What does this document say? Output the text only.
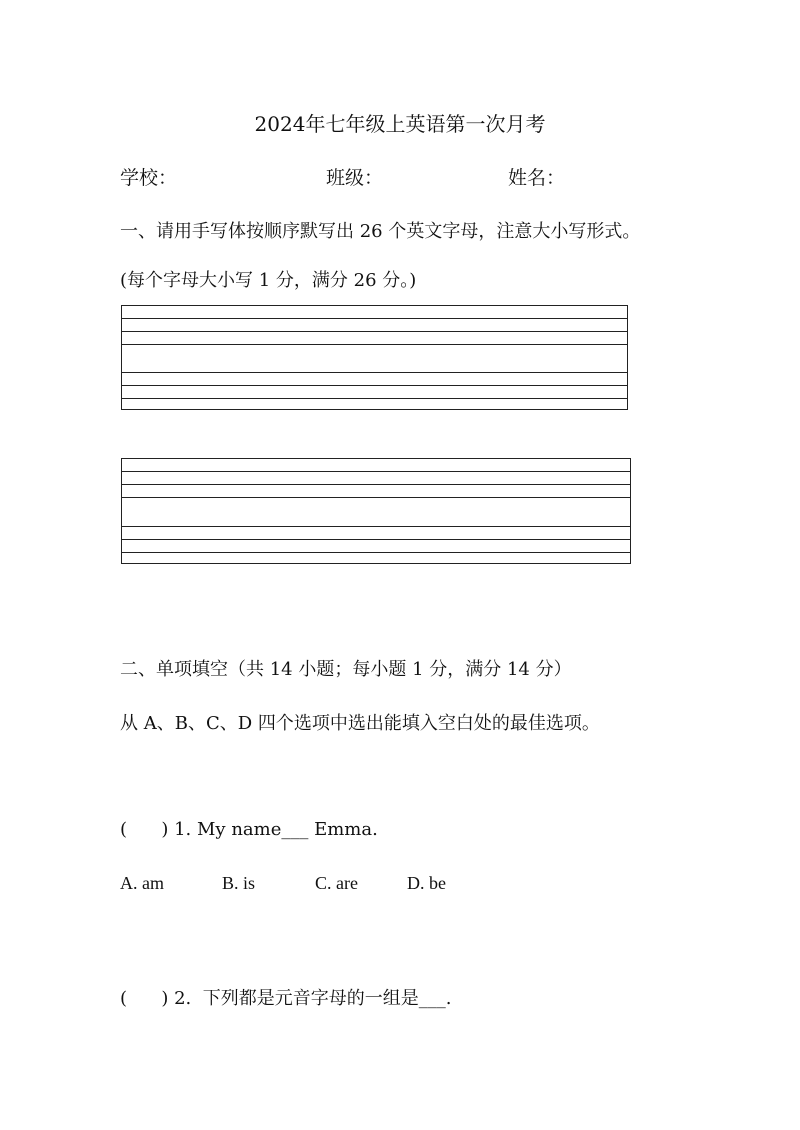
2024年七年级上英语第一次月考
学校：	班级：	姓名：
一、请用手写体按顺序默写出 26 个英文字母，注意大小写形式。
(每个字母大小写 1 分，满分 26 分。)
二、单项填空（共 14 小题；每小题 1 分，满分 14 分）
从 A、B、C、D 四个选项中选出能填入空白处的最佳选项。
(      ) 1. My name___ Emma.
A. am	B. is	C. are	D. be
(      ) 2.  下列都是元音字母的一组是___.
